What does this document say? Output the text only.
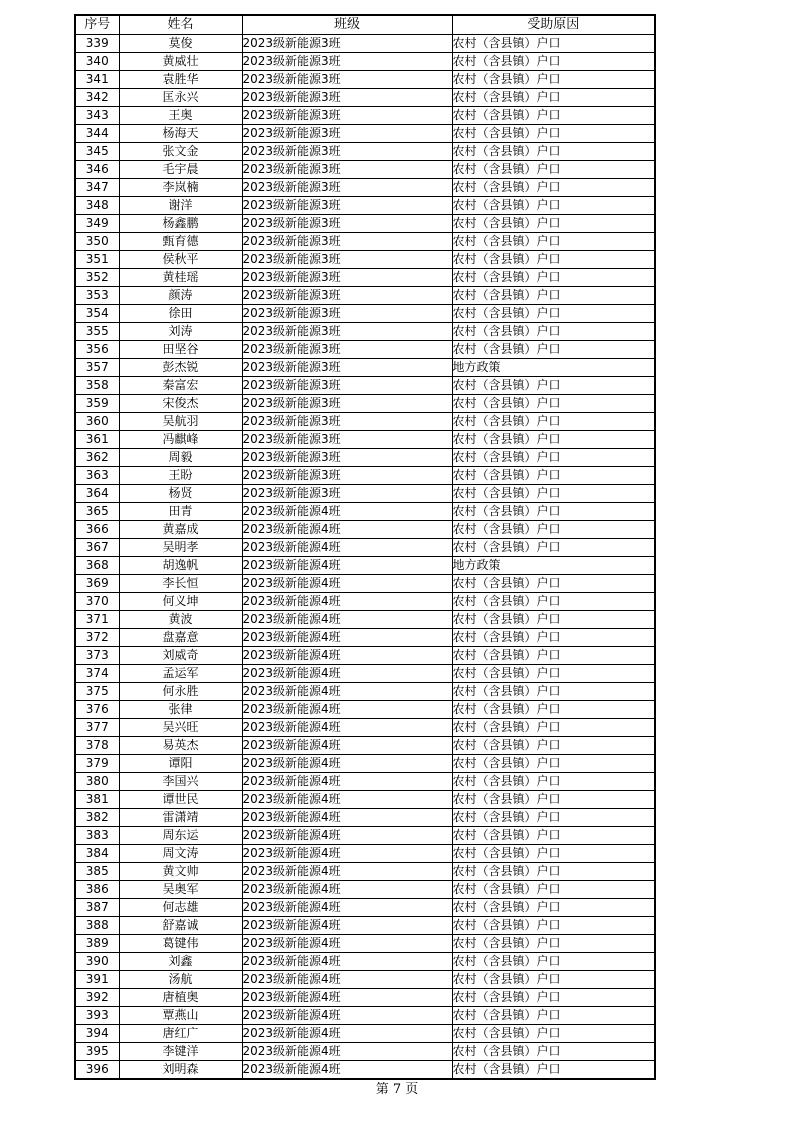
序号	姓名	班级	受助原因
339	莫俊	2023级新能源3班	农村（含县镇）户口
340	黄威壮	2023级新能源3班	农村（含县镇）户口
341	袁胜华	2023级新能源3班	农村（含县镇）户口
342	匡永兴	2023级新能源3班	农村（含县镇）户口
343	王奥	2023级新能源3班	农村（含县镇）户口
344	杨海天	2023级新能源3班	农村（含县镇）户口
345	张文金	2023级新能源3班	农村（含县镇）户口
346	毛宇晨	2023级新能源3班	农村（含县镇）户口
347	李岚楠	2023级新能源3班	农村（含县镇）户口
348	谢洋	2023级新能源3班	农村（含县镇）户口
349	杨鑫鹏	2023级新能源3班	农村（含县镇）户口
350	甄育德	2023级新能源3班	农村（含县镇）户口
351	侯秋平	2023级新能源3班	农村（含县镇）户口
352	黄桂瑶	2023级新能源3班	农村（含县镇）户口
353	颜涛	2023级新能源3班	农村（含县镇）户口
354	徐田	2023级新能源3班	农村（含县镇）户口
355	刘涛	2023级新能源3班	农村（含县镇）户口
356	田坚谷	2023级新能源3班	农村（含县镇）户口
357	彭杰锐	2023级新能源3班	地方政策
358	秦富宏	2023级新能源3班	农村（含县镇）户口
359	宋俊杰	2023级新能源3班	农村（含县镇）户口
360	吴航羽	2023级新能源3班	农村（含县镇）户口
361	冯麒峰	2023级新能源3班	农村（含县镇）户口
362	周毅	2023级新能源3班	农村（含县镇）户口
363	王盼	2023级新能源3班	农村（含县镇）户口
364	杨贤	2023级新能源3班	农村（含县镇）户口
365	田青	2023级新能源4班	农村（含县镇）户口
366	黄嘉成	2023级新能源4班	农村（含县镇）户口
367	吴明孝	2023级新能源4班	农村（含县镇）户口
368	胡逸帆	2023级新能源4班	地方政策
369	李长恒	2023级新能源4班	农村（含县镇）户口
370	何义坤	2023级新能源4班	农村（含县镇）户口
371	黄波	2023级新能源4班	农村（含县镇）户口
372	盘嘉意	2023级新能源4班	农村（含县镇）户口
373	刘威奇	2023级新能源4班	农村（含县镇）户口
374	孟运军	2023级新能源4班	农村（含县镇）户口
375	何永胜	2023级新能源4班	农村（含县镇）户口
376	张律	2023级新能源4班	农村（含县镇）户口
377	吴兴旺	2023级新能源4班	农村（含县镇）户口
378	易英杰	2023级新能源4班	农村（含县镇）户口
379	谭阳	2023级新能源4班	农村（含县镇）户口
380	李国兴	2023级新能源4班	农村（含县镇）户口
381	谭世民	2023级新能源4班	农村（含县镇）户口
382	雷潇靖	2023级新能源4班	农村（含县镇）户口
383	周东运	2023级新能源4班	农村（含县镇）户口
384	周文涛	2023级新能源4班	农村（含县镇）户口
385	黄文帅	2023级新能源4班	农村（含县镇）户口
386	吴奥军	2023级新能源4班	农村（含县镇）户口
387	何志雄	2023级新能源4班	农村（含县镇）户口
388	舒嘉诚	2023级新能源4班	农村（含县镇）户口
389	葛键伟	2023级新能源4班	农村（含县镇）户口
390	刘鑫	2023级新能源4班	农村（含县镇）户口
391	汤航	2023级新能源4班	农村（含县镇）户口
392	唐植奥	2023级新能源4班	农村（含县镇）户口
393	覃燕山	2023级新能源4班	农村（含县镇）户口
394	唐红广	2023级新能源4班	农村（含县镇）户口
395	李键洋	2023级新能源4班	农村（含县镇）户口
396	刘明森	2023级新能源4班	农村（含县镇）户口
第 7 页
